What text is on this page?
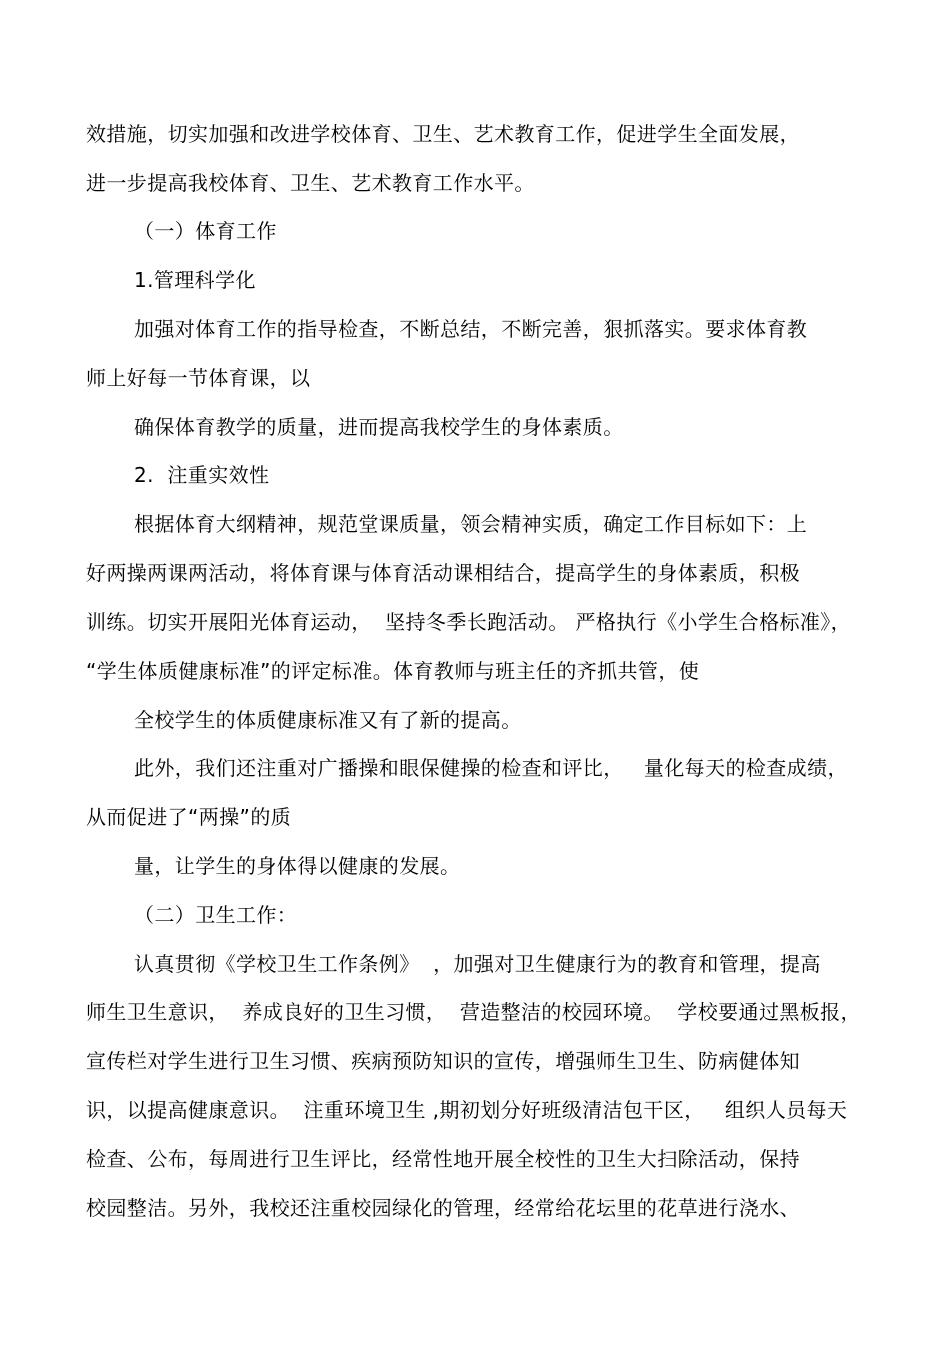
效措施，切实加强和改进学校体育、卫生、艺术教育工作，促进学生全面发展，
进一步提高我校体育、卫生、艺术教育工作水平。
（一）体育工作
1.管理科学化
加强对体育工作的指导检查，不断总结，不断完善，狠抓落实。要求体育教
师上好每一节体育课，以
确保体育教学的质量，进而提高我校学生的身体素质。
2.  注重实效性
根据体育大纲精神，规范堂课质量，领会精神实质，确定工作目标如下：上
好两操两课两活动，将体育课与体育活动课相结合，提高学生的身体素质，积极
训练。切实开展阳光体育运动，  坚持冬季长跑活动。 严格执行《小学生合格标准》，
“学生体质健康标准”的评定标准。体育教师与班主任的齐抓共管，使
全校学生的体质健康标准又有了新的提高。
此外，我们还注重对广播操和眼保健操的检查和评比，   量化每天的检查成绩，
从而促进了“两操”的质
量，让学生的身体得以健康的发展。
（二）卫生工作：
认真贯彻《学校卫生工作条例》  ，加强对卫生健康行为的教育和管理，提高
师生卫生意识，  养成良好的卫生习惯，  营造整洁的校园环境。  学校要通过黑板报，
宣传栏对学生进行卫生习惯、疾病预防知识的宣传，增强师生卫生、防病健体知
识，以提高健康意识。  注重环境卫生 ,期初划分好班级清洁包干区，   组织人员每天
检查、公布，每周进行卫生评比，经常性地开展全校性的卫生大扫除活动，保持
校园整洁。另外，我校还注重校园绿化的管理，经常给花坛里的花草进行浇水、
